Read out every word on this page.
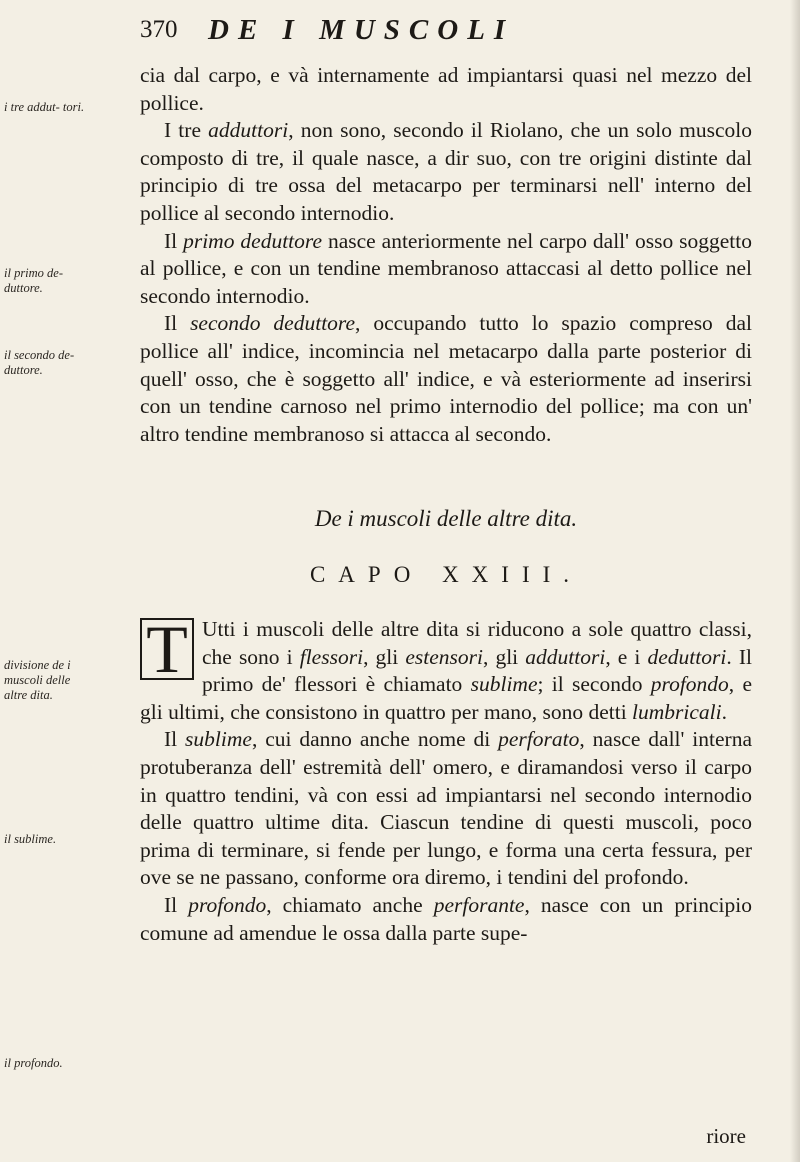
370 DE I MUSCOLI
i tre addut- tori.
il primo de- duttore.
il secondo de- duttore.
divisione de i muscoli delle altre dita.
il sublime.
il profondo.

cia dal carpo, e và internamente ad impiantarsi quasi nel mezzo del pollice.

I tre adduttori, non sono, secondo il Riolano, che un solo muscolo composto di tre, il quale nasce, a dir suo, con tre origini distinte dal principio di tre ossa del metacarpo per terminarsi nell' interno del pollice al secondo internodio.

Il primo deduttore nasce anteriormente nel carpo dall' osso soggetto al pollice, e con un tendine membranoso attaccasi al detto pollice nel secondo internodio.

Il secondo deduttore, occupando tutto lo spazio compreso dal pollice all' indice, incomincia nel metacarpo dalla parte posterior di quell' osso, che è soggetto all' indice, e và esteriormente ad inserirsi con un tendine carnoso nel primo internodio del pollice; ma con un' altro tendine membranoso si attacca al secondo.

De i muscoli delle altre dita.
CAPO XXIII.

T Utti i muscoli delle altre dita si riducono a sole quattro classi, che sono i flessori, gli estensori, gli adduttori, e i deduttori. Il primo de' flessori è chiamato sublime; il secondo profondo, e gli ultimi, che consistono in quattro per mano, sono detti lumbricali.

Il sublime, cui danno anche nome di perforato, nasce dall' interna protuberanza dell' estremità dell' omero, e diramandosi verso il carpo in quattro tendini, và con essi ad impiantarsi nel secondo internodio delle quattro ultime dita. Ciascun tendine di questi muscoli, poco prima di terminare, si fende per lungo, e forma una certa fessura, per ove se ne passano, conforme ora diremo, i tendini del profondo.

Il profondo, chiamato anche perforante, nasce con un principio comune ad amendue le ossa dalla parte supe-

riore
